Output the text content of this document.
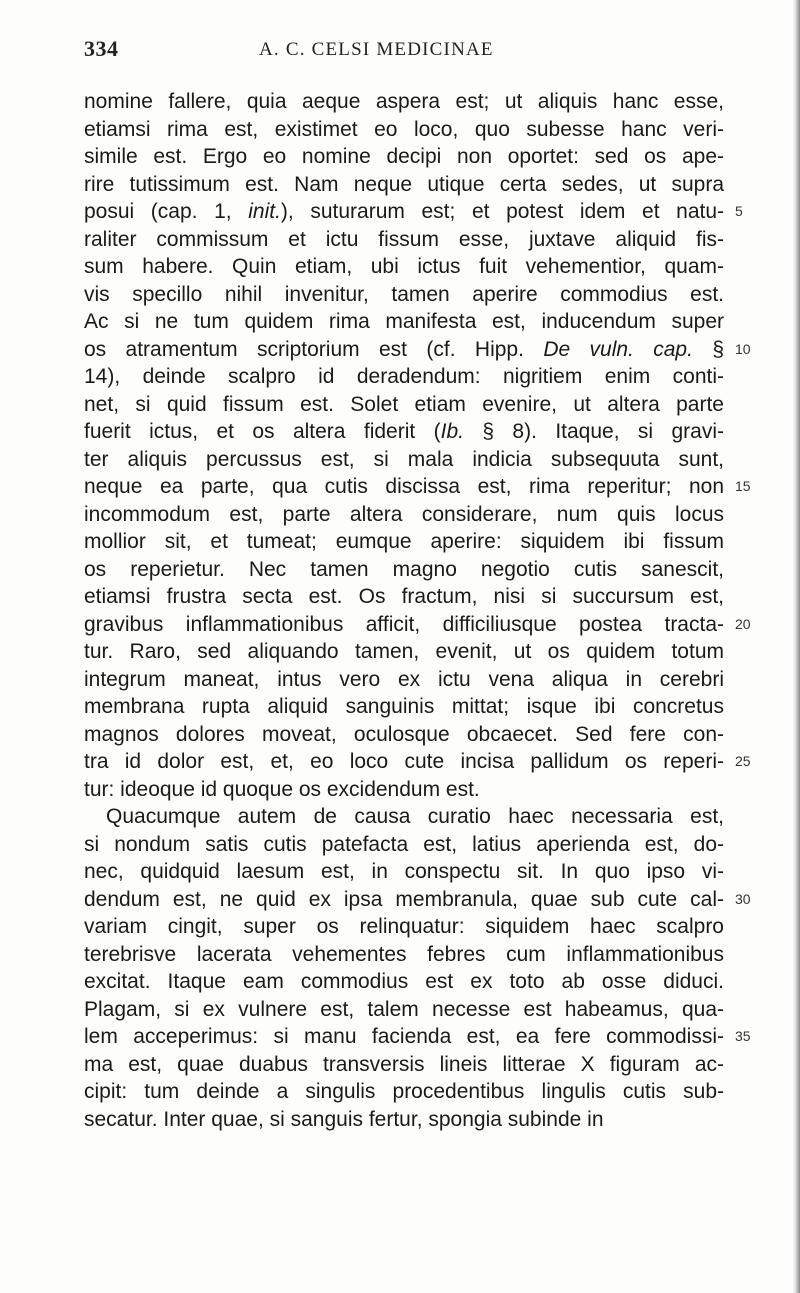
334	A. C. CELSI MEDICINAE
nomine fallere, quia aeque aspera est; ut aliquis hanc esse,
etiamsi rima est, existimet eo loco, quo subesse hanc veri-
simile est. Ergo eo nomine decipi non oportet: sed os ape-
rire tutissimum est. Nam neque utique certa sedes, ut supra
posui (cap. 1, init.), suturarum est; et potest idem et natu- 5
raliter commissum et ictu fissum esse, juxtave aliquid fis-
sum habere. Quin etiam, ubi ictus fuit vehementior, quam-
vis specillo nihil invenitur, tamen aperire commodius est.
Ac si ne tum quidem rima manifesta est, inducendum super
os atramentum scriptorium est (cf. Hipp. De vuln. cap. § 10
14), deinde scalpro id deradendum: nigritiem enim conti-
net, si quid fissum est. Solet etiam evenire, ut altera parte
fuerit ictus, et os altera fiderit (Ib. § 8). Itaque, si gravi-
ter aliquis percussus est, si mala indicia subsequuta sunt,
neque ea parte, qua cutis discissa est, rima reperitur; non 15
incommodum est, parte altera considerare, num quis locus
mollior sit, et tumeat; eumque aperire: siquidem ibi fissum
os reperietur. Nec tamen magno negotio cutis sanescit,
etiamsi frustra secta est. Os fractum, nisi si succursum est,
gravibus inflammationibus afficit, difficiliusque postea tracta- 20
tur. Raro, sed aliquando tamen, evenit, ut os quidem totum
integrum maneat, intus vero ex ictu vena aliqua in cerebri
membrana rupta aliquid sanguinis mittat; isque ibi concretus
magnos dolores moveat, oculosque obcaecet. Sed fere con-
tra id dolor est, et, eo loco cute incisa pallidum os reperi- 25
tur: ideoque id quoque os excidendum est.
Quacumque autem de causa curatio haec necessaria est,
si nondum satis cutis patefacta est, latius aperienda est, do-
nec, quidquid laesum est, in conspectu sit. In quo ipso vi-
dendum est, ne quid ex ipsa membranula, quae sub cute cal- 30
variam cingit, super os relinquatur: siquidem haec scalpro
terebrisve lacerata vehementes febres cum inflammationibus
excitat. Itaque eam commodius est ex toto ab osse diduci.
Plagam, si ex vulnere est, talem necesse est habeamus, qua-
lem acceperimus: si manu facienda est, ea fere commodissi- 35
ma est, quae duabus transversis lineis litterae X figuram ac-
cipit: tum deinde a singulis procedentibus lingulis cutis sub-
secatur. Inter quae, si sanguis fertur, spongia subinde in
